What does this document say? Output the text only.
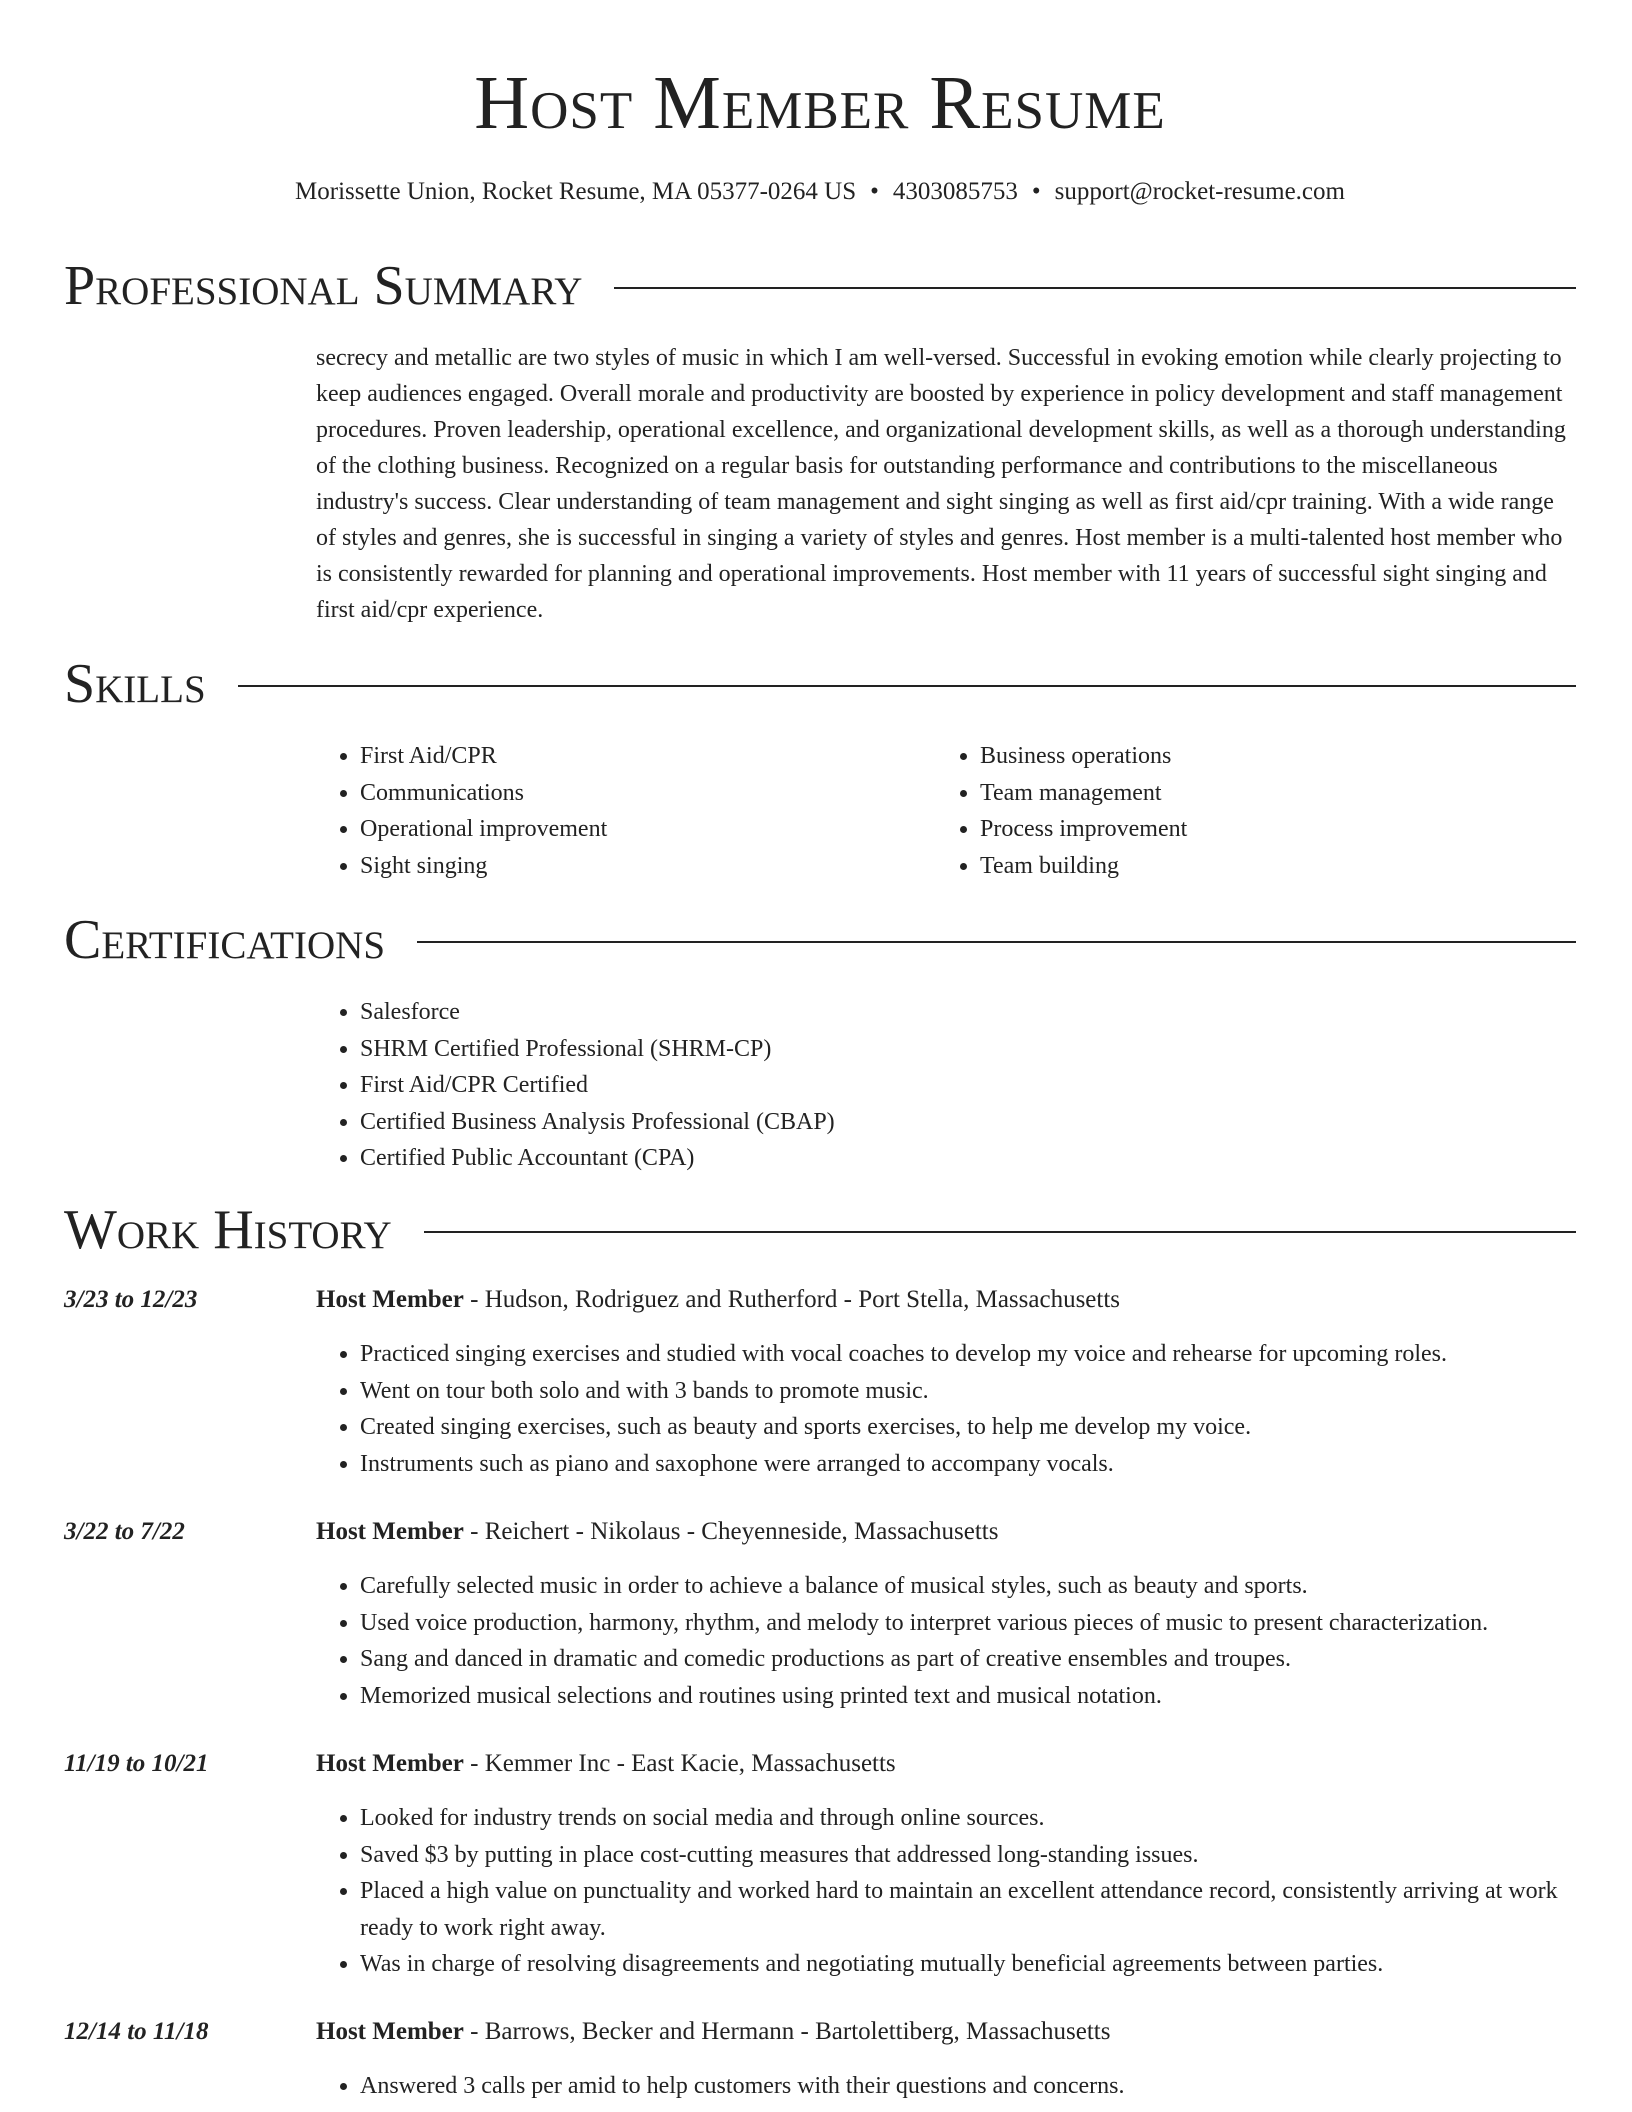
Host Member Resume
Morissette Union, Rocket Resume, MA 05377-0264 US • 4303085753 • support@rocket-resume.com
Professional Summary

secrecy and metallic are two styles of music in which I am well-versed. Successful in evoking emotion while clearly projecting to keep audiences engaged. Overall morale and productivity are boosted by experience in policy development and staff management procedures. Proven leadership, operational excellence, and organizational development skills, as well as a thorough understanding of the clothing business. Recognized on a regular basis for outstanding performance and contributions to the miscellaneous industry's success. Clear understanding of team management and sight singing as well as first aid/cpr training. With a wide range of styles and genres, she is successful in singing a variety of styles and genres. Host member is a multi-talented host member who is consistently rewarded for planning and operational improvements. Host member with 11 years of successful sight singing and first aid/cpr experience.

Skills
• First Aid/CPR
• Communications
• Operational improvement
• Sight singing
• Business operations
• Team management
• Process improvement
• Team building
Certifications
• Salesforce
• SHRM Certified Professional (SHRM-CP)
• First Aid/CPR Certified
• Certified Business Analysis Professional (CBAP)
• Certified Public Accountant (CPA)
Work History
3/23 to 12/23	Host Member - Hudson, Rodriguez and Rutherford - Port Stella, Massachusetts
• Practiced singing exercises and studied with vocal coaches to develop my voice and rehearse for upcoming roles.
• Went on tour both solo and with 3 bands to promote music.
• Created singing exercises, such as beauty and sports exercises, to help me develop my voice.
• Instruments such as piano and saxophone were arranged to accompany vocals.
3/22 to 7/22	Host Member - Reichert - Nikolaus - Cheyenneside, Massachusetts
• Carefully selected music in order to achieve a balance of musical styles, such as beauty and sports.
• Used voice production, harmony, rhythm, and melody to interpret various pieces of music to present characterization.
• Sang and danced in dramatic and comedic productions as part of creative ensembles and troupes.
• Memorized musical selections and routines using printed text and musical notation.
11/19 to 10/21	Host Member - Kemmer Inc - East Kacie, Massachusetts
• Looked for industry trends on social media and through online sources.
• Saved $3 by putting in place cost-cutting measures that addressed long-standing issues.
• Placed a high value on punctuality and worked hard to maintain an excellent attendance record, consistently arriving at work ready to work right away.
• Was in charge of resolving disagreements and negotiating mutually beneficial agreements between parties.
12/14 to 11/18	Host Member - Barrows, Becker and Hermann - Bartolettiberg, Massachusetts
• Answered 3 calls per amid to help customers with their questions and concerns.
